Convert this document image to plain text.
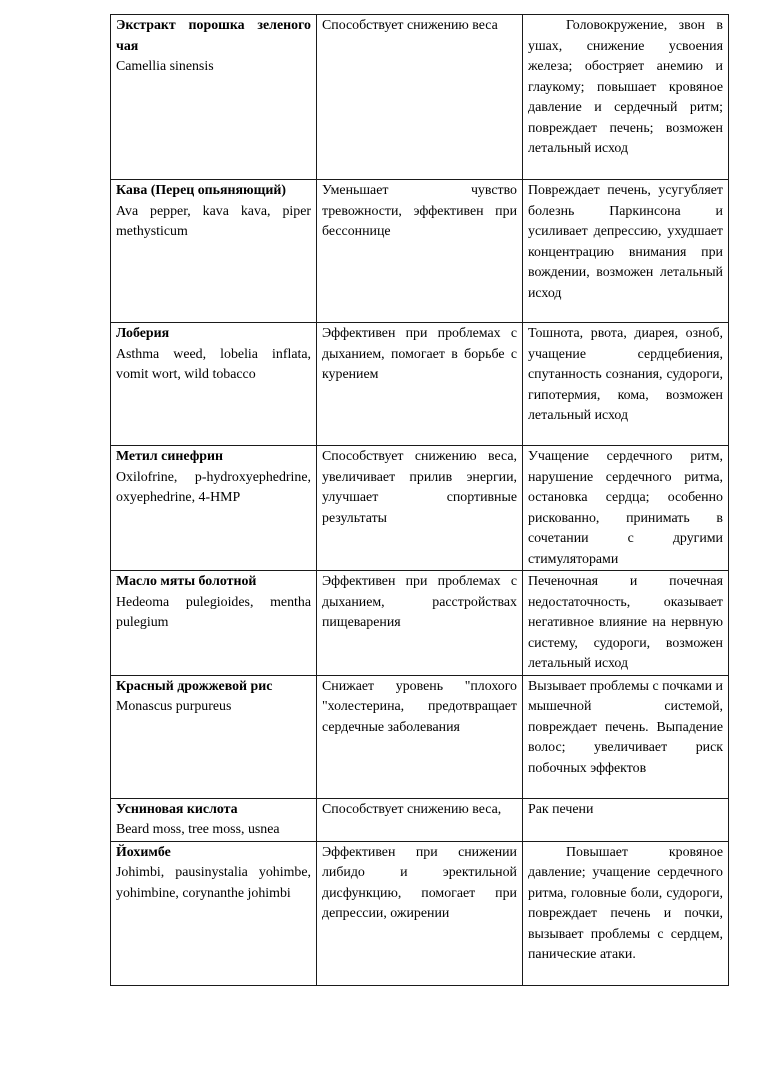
Экстракт порошка зеленого чая
Camellia sinensis	Способствует снижению веса	Головокружение, звон в ушах, снижение усвоения железа; обостряет анемию и глаукому; повышает кровяное давление и сердечный ритм; повреждает печень; возможен летальный исход

Кава (Перец опьяняющий)
Ava pepper, kava kava, piper methysticum	Уменьшает чувство тревожности, эффективен при бессоннице	Повреждает печень, усугубляет болезнь Паркинсона и усиливает депрессию, ухудшает концентрацию внимания при вождении, возможен летальный исход

Лоберия
Asthma weed, lobelia inflata, vomit wort, wild tobacco	Эффективен при проблемах с дыханием, помогает в борьбе с курением	Тошнота, рвота, диарея, озноб, учащение сердцебиения, спутанность сознания, судороги, гипотермия, кома, возможен летальный исход

Метил синефрин
Oxilofrine, p-hydroxyephedrine, oxyephedrine, 4-HMP	Способствует снижению веса, увеличивает прилив энергии, улучшает спортивные результаты	Учащение сердечного ритм, нарушение сердечного ритма, остановка сердца; особенно рискованно, принимать в сочетании с другими стимуляторами

Масло мяты болотной
Hedeoma pulegioides, mentha pulegium	Эффективен при проблемах с дыханием, расстройствах пищеварения	Печеночная и почечная недостаточность, оказывает негативное влияние на нервную систему, судороги, возможен летальный исход

Красный дрожжевой рис
Monascus purpureus	Снижает уровень "плохого "холестерина, предотвращает сердечные заболевания	Вызывает проблемы с почками и мышечной системой, повреждает печень. Выпадение волос; увеличивает риск побочных эффектов

Усниновая кислота
Beard moss, tree moss, usnea	Способствует снижению веса,	Рак печени

Йохимбе
Johimbi, pausinystalia yohimbe, yohimbine, corynanthe johimbi	Эффективен при снижении либидо и эректильной дисфункцию, помогает при депрессии, ожирении	Повышает кровяное давление; учащение сердечного ритма, головные боли, судороги, повреждает печень и почки, вызывает проблемы с сердцем, панические атаки.
